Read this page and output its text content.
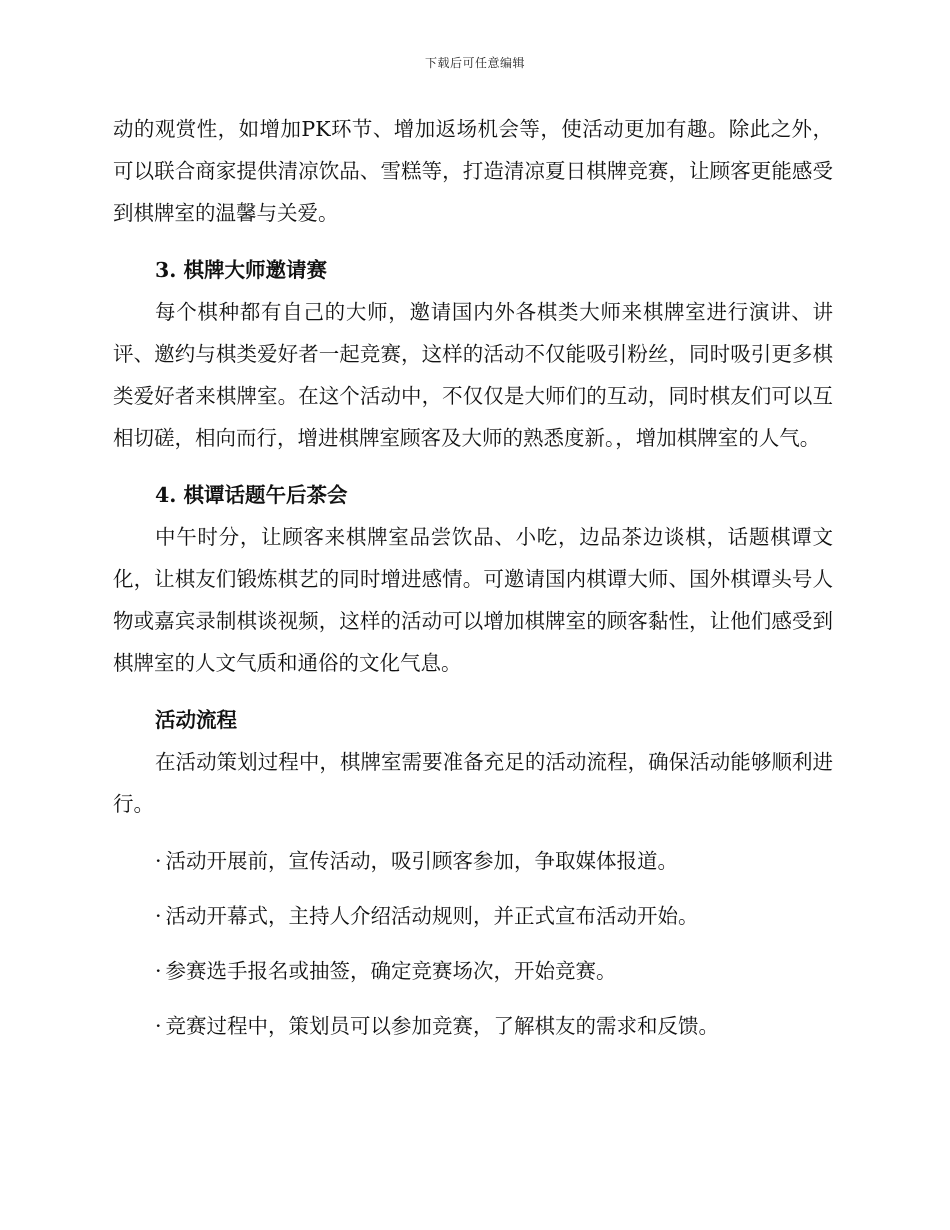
下载后可任意编辑

动的观赏性，如增加PK环节、增加返场机会等，使活动更加有趣。除此之外，可以联合商家提供清凉饮品、雪糕等，打造清凉夏日棋牌竞赛，让顾客更能感受到棋牌室的温馨与关爱。

3. 棋牌大师邀请赛

每个棋种都有自己的大师，邀请国内外各棋类大师来棋牌室进行演讲、讲评、邀约与棋类爱好者一起竞赛，这样的活动不仅能吸引粉丝，同时吸引更多棋类爱好者来棋牌室。在这个活动中，不仅仅是大师们的互动，同时棋友们可以互相切磋，相向而行，增进棋牌室顾客及大师的熟悉度新。，增加棋牌室的人气。

4. 棋谭话题午后茶会

中午时分，让顾客来棋牌室品尝饮品、小吃，边品茶边谈棋，话题棋谭文化，让棋友们锻炼棋艺的同时增进感情。可邀请国内棋谭大师、国外棋谭头号人物或嘉宾录制棋谈视频，这样的活动可以增加棋牌室的顾客黏性，让他们感受到棋牌室的人文气质和通俗的文化气息。

活动流程

在活动策划过程中，棋牌室需要准备充足的活动流程，确保活动能够顺利进行。

· 活动开展前，宣传活动，吸引顾客参加，争取媒体报道。
· 活动开幕式，主持人介绍活动规则，并正式宣布活动开始。
· 参赛选手报名或抽签，确定竞赛场次，开始竞赛。
· 竞赛过程中，策划员可以参加竞赛，了解棋友的需求和反馈。
